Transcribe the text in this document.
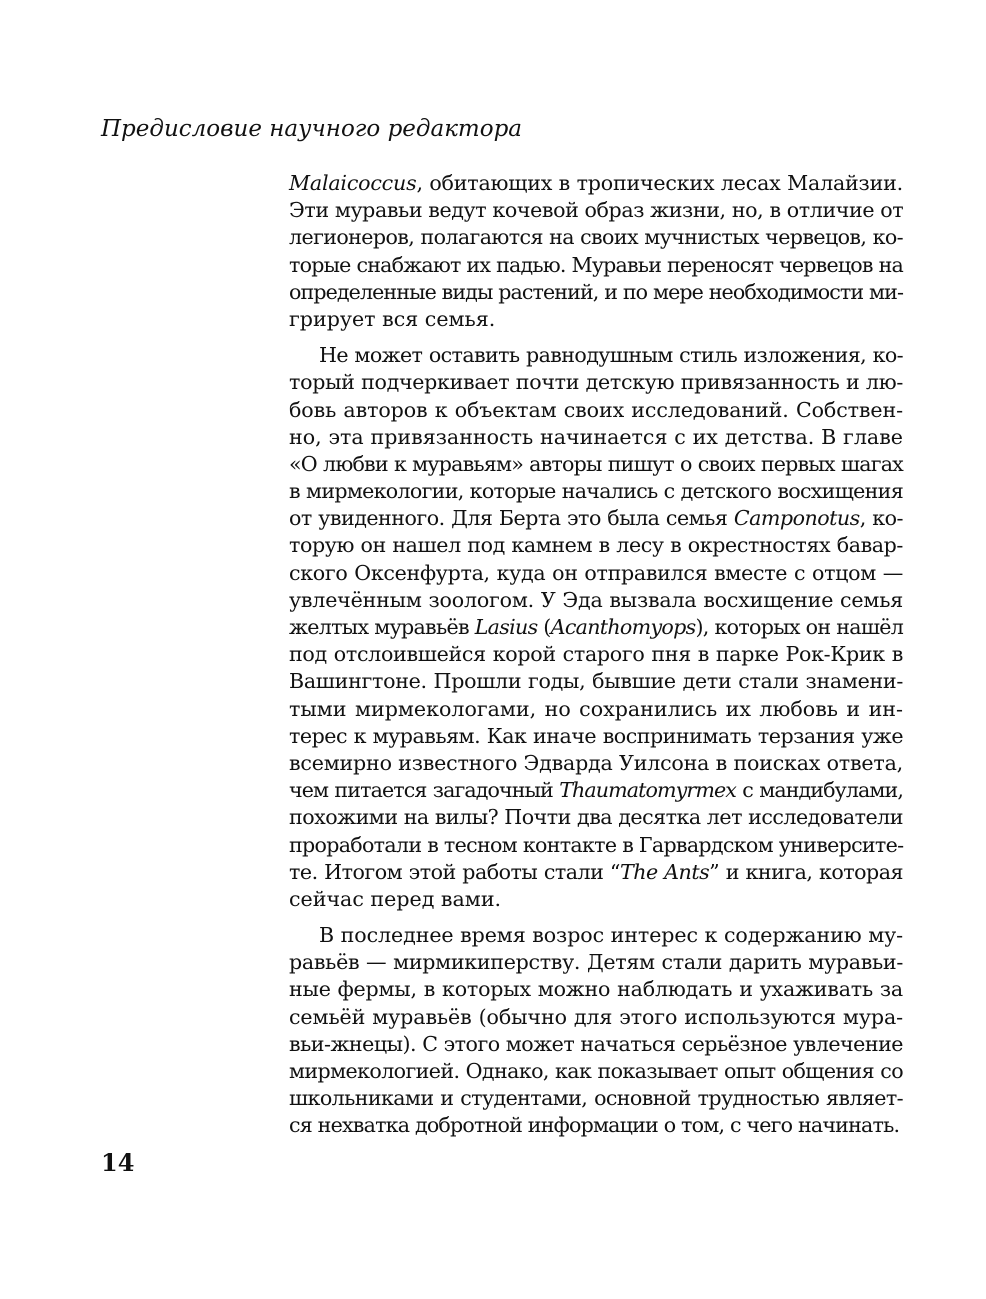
Предисловие научного редактора
Malaicoccus, обитающих в тропических лесах Малайзии.
Эти муравьи ведут кочевой образ жизни, но, в отличие от
легионеров, полагаются на своих мучнистых червецов, ко-
торые снабжают их падью. Муравьи переносят червецов на
определенные виды растений, и по мере необходимости ми-
грирует вся семья.
Не может оставить равнодушным стиль изложения, ко-
торый подчеркивает почти детскую привязанность и лю-
бовь авторов к объектам своих исследований. Собствен-
но, эта привязанность начинается с их детства. В главе
«О любви к муравьям» авторы пишут о своих первых шагах
в мирмекологии, которые начались с детского восхищения
от увиденного. Для Берта это была семья Camponotus, ко-
торую он нашел под камнем в лесу в окрестностях бавар-
ского Оксенфурта, куда он отправился вместе с отцом —
увлечённым зоологом. У Эда вызвала восхищение семья
желтых муравьёв Lasius (Acanthomyops), которых он нашёл
под отслоившейся корой старого пня в парке Рок-Крик в
Вашингтоне. Прошли годы, бывшие дети стали знамени-
тыми мирмекологами, но сохранились их любовь и ин-
терес к муравьям. Как иначе воспринимать терзания уже
всемирно известного Эдварда Уилсона в поисках ответа,
чем питается загадочный Thaumatomyrmex с мандибулами,
похожими на вилы? Почти два десятка лет исследователи
проработали в тесном контакте в Гарвардском университе-
те. Итогом этой работы стали “The Ants” и книга, которая
сейчас перед вами.
В последнее время возрос интерес к содержанию му-
равьёв — мирмикиперству. Детям стали дарить муравьи-
ные фермы, в которых можно наблюдать и ухаживать за
семьёй муравьёв (обычно для этого используются мура-
вьи-жнецы). С этого может начаться серьёзное увлечение
мирмекологией. Однако, как показывает опыт общения со
школьниками и студентами, основной трудностью являет-
ся нехватка добротной информации о том, с чего начинать.
14
